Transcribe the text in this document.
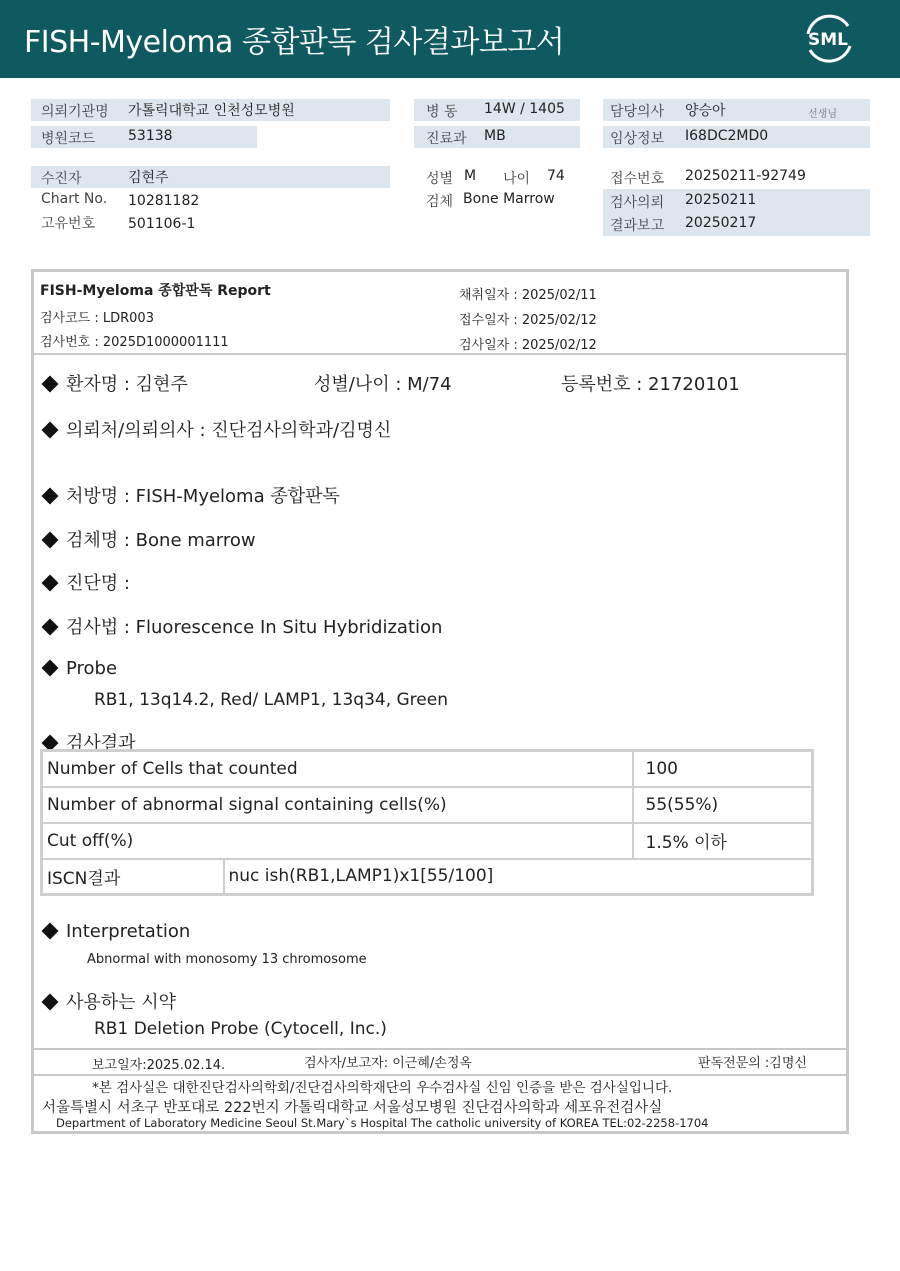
FISH-Myeloma 종합판독 검사결과보고서	SML
의뢰기관명 가톨릭대학교 인천성모병원
병원코드 53138
병 동 14W / 1405
진료과 MB
담당의사 양승아	선생님
임상정보 I68DC2MD0
수진자	김현주
Chart No. 10281182
고유번호 501106-1
성별 M 나이 74
검체 Bone Marrow
접수번호 20250211-92749
검사의뢰 20250211
결과보고 20250217
FISH-Myeloma 종합판독 Report
검사코드 : LDR003
검사번호 : 2025D1000001111
채취일자 : 2025/02/11
접수일자 : 2025/02/12
검사일자 : 2025/02/12
환자명 : 김현주	성별/나이 : M/74	등록번호 : 21720101
의뢰처/의뢰의사 : 진단검사의학과/김명신
처방명 : FISH-Myeloma 종합판독
검체명 : Bone marrow
진단명 :
검사법 : Fluorescence In Situ Hybridization
Probe
RB1, 13q14.2, Red/ LAMP1, 13q34, Green
검사결과
Number of Cells that counted		100
Number of abnormal signal containing cells(%)		55(55%)
Cut off(%)		1.5% 이하
ISCN결과	nuc ish(RB1,LAMP1)x1[55/100]	
Interpretation
Abnormal with monosomy 13 chromosome
사용하는 시약
RB1 Deletion Probe (Cytocell, Inc.)
보고일자:2025.02.14.	검사자/보고자: 이근혜/손정옥	판독전문의 :김명신
*본 검사실은 대한진단검사의학회/진단검사의학재단의 우수검사실 신임 인증을 받은 검사실입니다.
서울특별시 서초구 반포대로 222번지 가톨릭대학교 서울성모병원 진단검사의학과 세포유전검사실
Department of Laboratory Medicine Seoul St.Mary`s Hospital The catholic university of KOREA TEL:02-2258-1704
